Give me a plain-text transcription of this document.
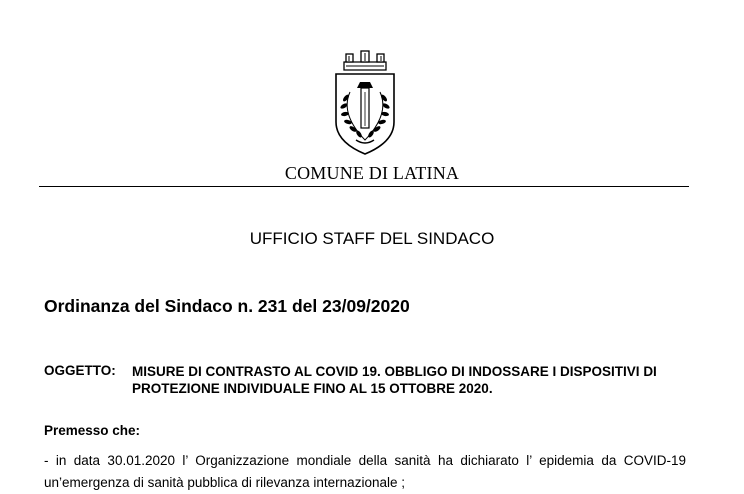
COMUNE DI LATINA
UFFICIO STAFF DEL SINDACO
Ordinanza del Sindaco n. 231 del 23/09/2020
OGGETTO: MISURE DI CONTRASTO AL COVID 19. OBBLIGO DI INDOSSARE I DISPOSITIVI DI
PROTEZIONE INDIVIDUALE FINO AL 15 OTTOBRE 2020.
Premesso che:
- in data 30.01.2020 l’ Organizzazione mondiale della sanità ha dichiarato l’ epidemia da COVID-19
un’emergenza di sanità pubblica di rilevanza internazionale ;
